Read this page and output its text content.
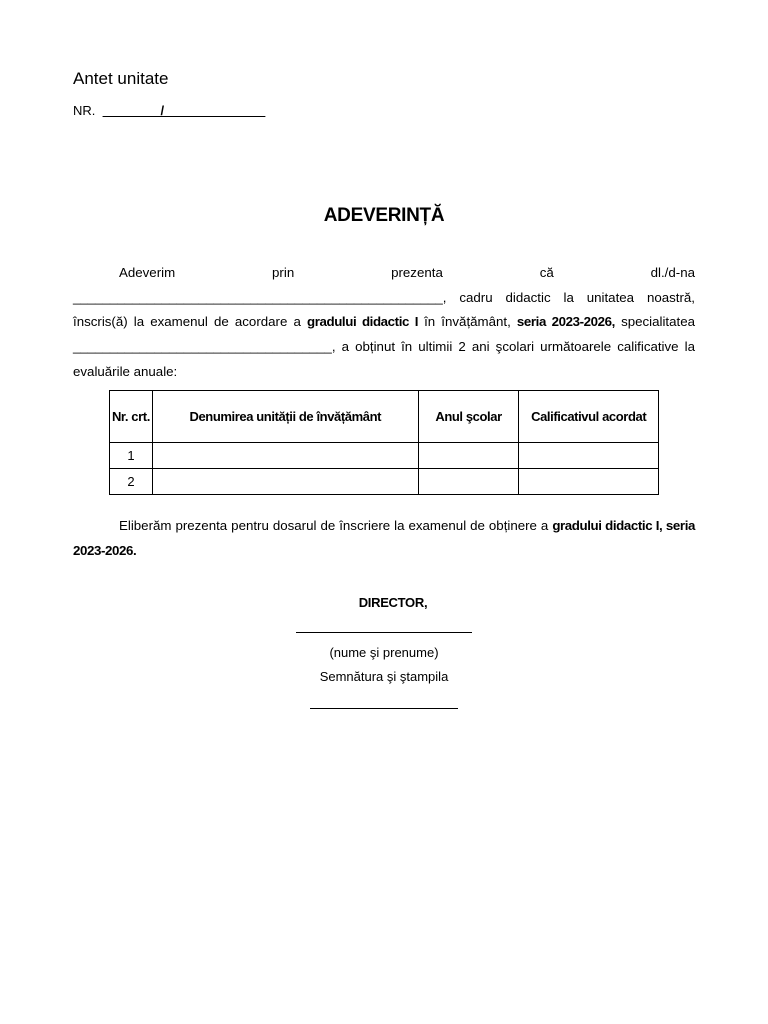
Antet unitate
NR. ________/______________
ADEVERINȚĂ
Adeverim prin prezenta că dl./d-na __________________________________________________, cadru didactic la unitatea noastră, înscris(ă) la examenul de acordare a gradului didactic I în învățământ, seria 2023-2026, specialitatea ___________________________________, a obținut în ultimii 2 ani şcolari următoarele calificative la evaluările anuale:
Nr. crt.	Denumirea unității de învățământ	Anul şcolar	Calificativul acordat
1			
2			
Eliberăm prezenta pentru dosarul de înscriere la examenul de obținere a gradului didactic I, seria 2023-2026.
DIRECTOR,
(nume şi prenume)
Semnătura şi ştampila
